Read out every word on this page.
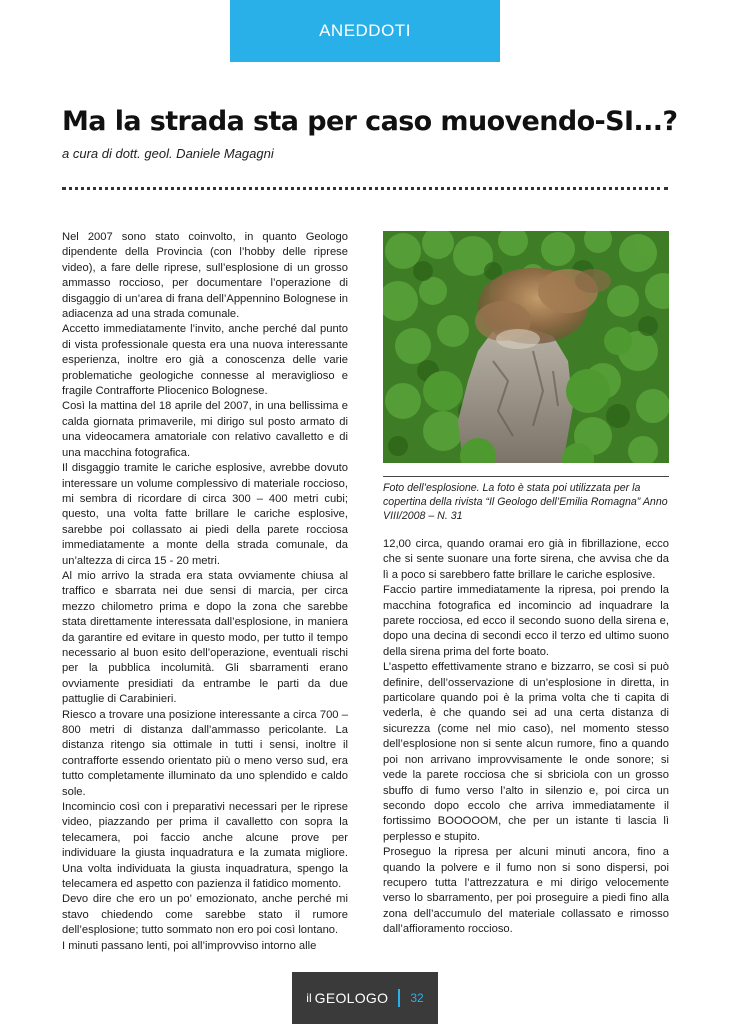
ANEDDOTI
Ma la strada sta per caso muovendo-SI...?
a cura di dott. geol. Daniele Magagni

Nel 2007 sono stato coinvolto, in quanto Geologo dipendente della Provincia (con l’hobby delle riprese video), a fare delle riprese, sull’esplosione di un grosso ammasso roccioso, per documentare l’operazione di disgaggio di un’area di frana dell’Appennino Bolognese in adiacenza ad una strada comunale.

Accetto immediatamente l’invito, anche perché dal punto di vista professionale questa era una nuova interessante esperienza, inoltre ero già a conoscenza delle varie problematiche geologiche connesse al meraviglioso e fragile Contrafforte Pliocenico Bolognese.

Così la mattina del 18 aprile del 2007, in una bellissima e calda giornata primaverile, mi dirigo sul posto armato di una videocamera amatoriale con relativo cavalletto e di una macchina fotografica.

Il disgaggio tramite le cariche esplosive, avrebbe dovuto interessare un volume complessivo di materiale roccioso, mi sembra di ricordare di circa 300 – 400 metri cubi; questo, una volta fatte brillare le cariche esplosive, sarebbe poi collassato ai piedi della parete rocciosa immediatamente a monte della strada comunale, da un’altezza di circa 15 - 20 metri.

Al mio arrivo la strada era stata ovviamente chiusa al traffico e sbarrata nei due sensi di marcia, per circa mezzo chilometro prima e dopo la zona che sarebbe stata direttamente interessata dall’esplosione, in maniera da garantire ed evitare in questo modo, per tutto il tempo necessario al buon esito dell’operazione, eventuali rischi per la pubblica incolumità. Gli sbarramenti erano ovviamente presidiati da entrambe le parti da due pattuglie di Carabinieri.

Riesco a trovare una posizione interessante a circa 700 – 800 metri di distanza dall’ammasso pericolante. La distanza ritengo sia ottimale in tutti i sensi, inoltre il contrafforte essendo orientato più o meno verso sud, era tutto completamente illuminato da uno splendido e caldo sole.

Incomincio così con i preparativi necessari per le riprese video, piazzando per prima il cavalletto con sopra la telecamera, poi faccio anche alcune prove per individuare la giusta inquadratura e la zumata migliore. Una volta individuata la giusta inquadratura, spengo la telecamera ed aspetto con pazienza il fatidico momento.

Devo dire che ero un po’ emozionato, anche perché mi stavo chiedendo come sarebbe stato il rumore dell’esplosione; tutto sommato non ero poi così lontano.

I minuti passano lenti, poi all’improvviso intorno alle

Foto dell’esplosione. La foto è stata poi utilizzata per la copertina della rivista “Il Geologo dell’Emilia Romagna” Anno VIII/2008 – N. 31

12,00 circa, quando oramai ero già in fibrillazione, ecco che si sente suonare una forte sirena, che avvisa che da lì a poco si sarebbero fatte brillare le cariche esplosive.

Faccio partire immediatamente la ripresa, poi prendo la macchina fotografica ed incomincio ad inquadrare la parete rocciosa, ed ecco il secondo suono della sirena e, dopo una decina di secondi ecco il terzo ed ultimo suono della sirena prima del forte boato.

L’aspetto effettivamente strano e bizzarro, se così si può definire, dell’osservazione di un’esplosione in diretta, in particolare quando poi è la prima volta che ti capita di vederla, è che quando sei ad una certa distanza di sicurezza (come nel mio caso), nel momento stesso dell’esplosione non si sente alcun rumore, fino a quando poi non arrivano improvvisamente le onde sonore; si vede la parete rocciosa che si sbriciola con un grosso sbuffo di fumo verso l’alto in silenzio e, poi circa un secondo dopo eccolo che arriva immediatamente il fortissimo BOOOOOM, che per un istante ti lascia lì perplesso e stupito.

Proseguo la ripresa per alcuni minuti ancora, fino a quando la polvere e il fumo non si sono dispersi, poi recupero tutta l’attrezzatura e mi dirigo velocemente verso lo sbarramento, per poi proseguire a piedi fino alla zona dell’accumulo del materiale collassato e rimosso dall’affioramento roccioso.

il GEOLOGO 32
